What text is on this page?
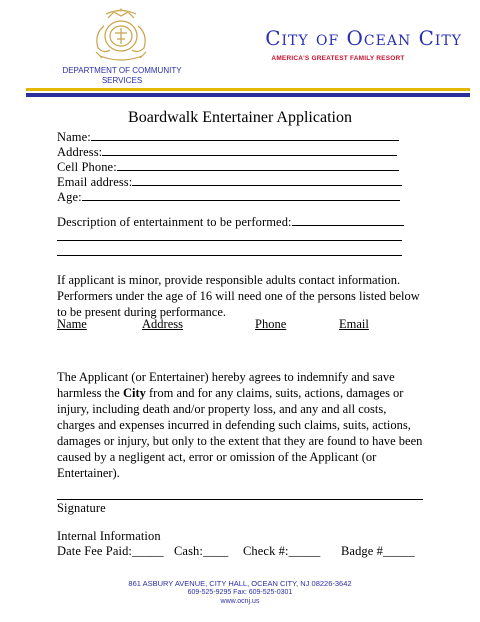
DEPARTMENT OF COMMUNITY SERVICES
City of Ocean City
AMERICA'S GREATEST FAMILY RESORT
Boardwalk Entertainer Application
Name:
Address:
Cell Phone:
Email address:
Age:
Description of entertainment to be performed:
If applicant is minor, provide responsible adults contact information. Performers under the age of 16 will need one of the persons listed below to be present during performance.
Name	Address	Phone	Email
The Applicant (or Entertainer) hereby agrees to indemnify and save harmless the City from and for any claims, suits, actions, damages or injury, including death and/or property loss, and any and all costs, charges and expenses incurred in defending such claims, suits, actions, damages or injury, but only to the extent that they are found to have been caused by a negligent act, error or omission of the Applicant (or Entertainer).
Signature
Internal Information
Date Fee Paid:_____ Cash:____ Check #:_____ Badge #_____
861 ASBURY AVENUE, CITY HALL, OCEAN CITY, NJ 08226-3642
609-525-9295 Fax: 609-525-0301
www.ocnj.us
